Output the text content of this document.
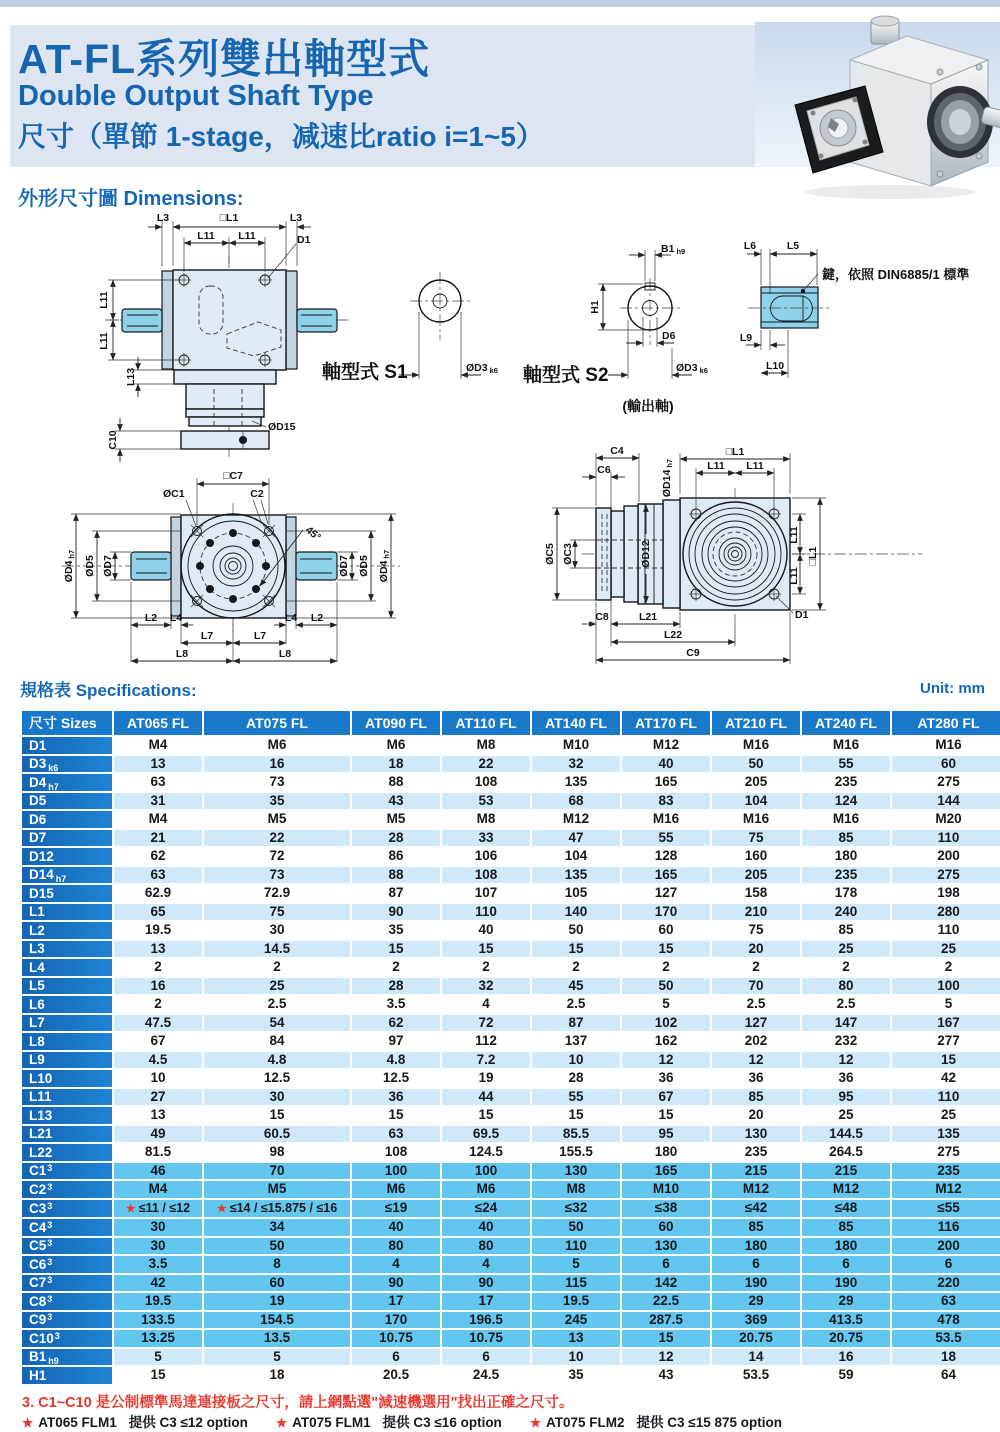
AT-FL系列雙出軸型式
Double Output Shaft Type
尺寸（單節 1-stage，减速比ratio i=1~5）
外形尺寸圖 Dimensions:
ØD15
L3	□L1	L3
L11 L11	D1
L11
L11
L13
C10
軸型式 S1	ØD3 k6
B1 h9
H1
D6
ØD3 k6
軸型式 S2
(輸出軸)
L6	L5
鍵，依照 DIN6885/1 標準
L9
L10
□C7
ØC1	C2
45°
ØD7
ØD5
ØD4h7
ØD7 ØD5 ØD4h7
L2 L4	L4 L2
L7	L7
L8	L8
C4
C6	ØD14h7
□L1
L11 L11
L11
L11
□L1
D1
C8	L21
L22
C9
ØC5 ØC3	ØD12
規格表 Specifications:	Unit: mm
尺寸 Sizes	AT065 FL	AT075 FL	AT090 FL	AT110 FL	AT140 FL	AT170 FL	AT210 FL	AT240 FL	AT280 FL
D1	M4	M6	M6	M8	M10	M12	M16	M16	M16
D3 $_{k6}$	13	16	18	22	32	40	50	55	60
D4 $_{h7}$	63	73	88	108	135	165	205	235	275
D5	31	35	43	53	68	83	104	124	144
D6	M4	M5	M5	M8	M12	M16	M16	M16	M20
D7	21	22	28	33	47	55	75	85	110
D12	62	72	86	106	104	128	160	180	200
D14 $_{h7}$	63	73	88	108	135	165	205	235	275
D15	62.9	72.9	87	107	105	127	158	178	198
L1	65	75	90	110	140	170	210	240	280
L2	19.5	30	35	40	50	60	75	85	110
L3	13	14.5	15	15	15	15	20	25	25
L4	2	2	2	2	2	2	2	2	2
L5	16	25	28	32	45	50	70	80	100
L6	2	2.5	3.5	4	2.5	5	2.5	2.5	5
L7	47.5	54	62	72	87	102	127	147	167
L8	67	84	97	112	137	162	202	232	277
L9	4.5	4.8	4.8	7.2	10	12	12	12	15
L10	10	12.5	12.5	19	28	36	36	36	42
L11	27	30	36	44	55	67	85	95	110
L13	13	15	15	15	15	15	20	25	25
L21	49	60.5	63	69.5	85.5	95	130	144.5	135
L22	81.5	98	108	124.5	155.5	180	235	264.5	275
$C1^3$	46	70	100	100	130	165	215	215	235
$C2^3$	M4	M5	M6	M6	M8	M10	M12	M12	M12
$C3^3$	★ ≤11 / ≤12	★ ≤14 / ≤15.875 / ≤16	≤19	≤24	≤32	≤38	≤42	≤48	≤55
$C4^3$	30	34	40	40	50	60	85	85	116
$C5^3$	30	50	80	80	110	130	180	180	200
$C6^3$	3.5	8	4	4	5	6	6	6	6
$C7^3$	42	60	90	90	115	142	190	190	220
$C8^3$	19.5	19	17	17	19.5	22.5	29	29	63
$C9^3$	133.5	154.5	170	196.5	245	287.5	369	413.5	478
$C10^3$	13.25	13.5	10.75	10.75	13	15	20.75	20.75	53.5
B1 $_{h9}$	5	5	6	6	10	12	14	16	18
H1	15	18	20.5	24.5	35	43	53.5	59	64
3. C1~C10 是公制標準馬達連接板之尺寸，請上網點選"減速機選用"找出正確之尺寸。
★ AT065 FLM1 提供 C3 ≤12 option ★ AT075 FLM1 提供 C3 ≤16 option ★ AT075 FLM2 提供 C3 ≤15 875 option
